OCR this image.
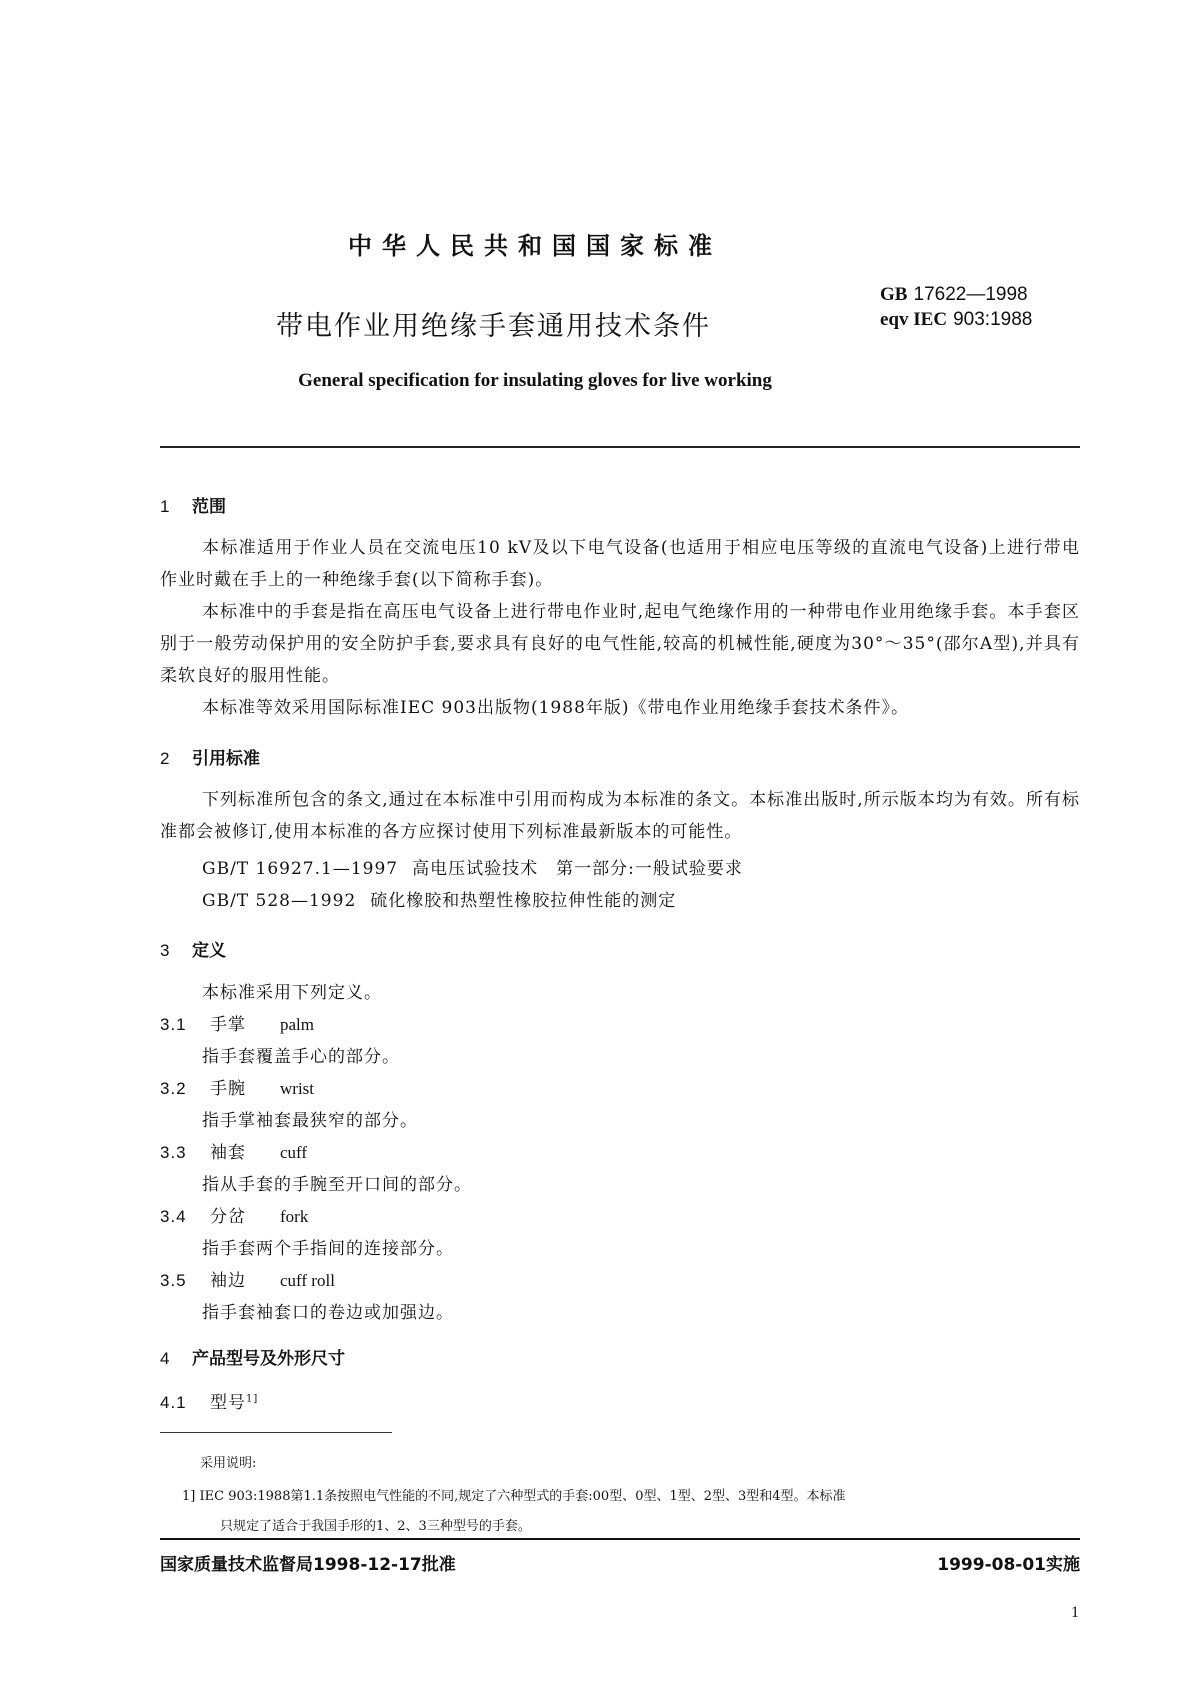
中华人民共和国国家标准
带电作业用绝缘手套通用技术条件
GB 17622—1998
eqv IEC 903:1988
General specification for insulating gloves for live working
1 范围
本标准适用于作业人员在交流电压10 kV及以下电气设备(也适用于相应电压等级的直流电气设备)上进行带电作业时戴在手上的一种绝缘手套(以下简称手套)。
本标准中的手套是指在高压电气设备上进行带电作业时,起电气绝缘作用的一种带电作业用绝缘手套。本手套区别于一般劳动保护用的安全防护手套,要求具有良好的电气性能,较高的机械性能,硬度为30°～35°(邵尔A型),并具有柔软良好的服用性能。
本标准等效采用国际标准IEC 903出版物(1988年版)《带电作业用绝缘手套技术条件》。
2 引用标准
下列标准所包含的条文,通过在本标准中引用而构成为本标准的条文。本标准出版时,所示版本均为有效。所有标准都会被修订,使用本标准的各方应探讨使用下列标准最新版本的可能性。
GB/T 16927.1—1997 高电压试验技术　第一部分:一般试验要求
GB/T 528—1992 硫化橡胶和热塑性橡胶拉伸性能的测定
3 定义
本标准采用下列定义。
3.1 手掌 palm
指手套覆盖手心的部分。
3.2 手腕 wrist
指手掌袖套最狭窄的部分。
3.3 袖套 cuff
指从手套的手腕至开口间的部分。
3.4 分岔 fork
指手套两个手指间的连接部分。
3.5 袖边 cuff roll
指手套袖套口的卷边或加强边。
4 产品型号及外形尺寸
4.1 型号$^{1]}$
采用说明:
1] IEC 903:1988第1.1条按照电气性能的不同,规定了六种型式的手套:00型、0型、1型、2型、3型和4型。本标准
只规定了适合于我国手形的1、2、3三种型号的手套。
国家质量技术监督局1998-12-17批准	1999-08-01实施
1
